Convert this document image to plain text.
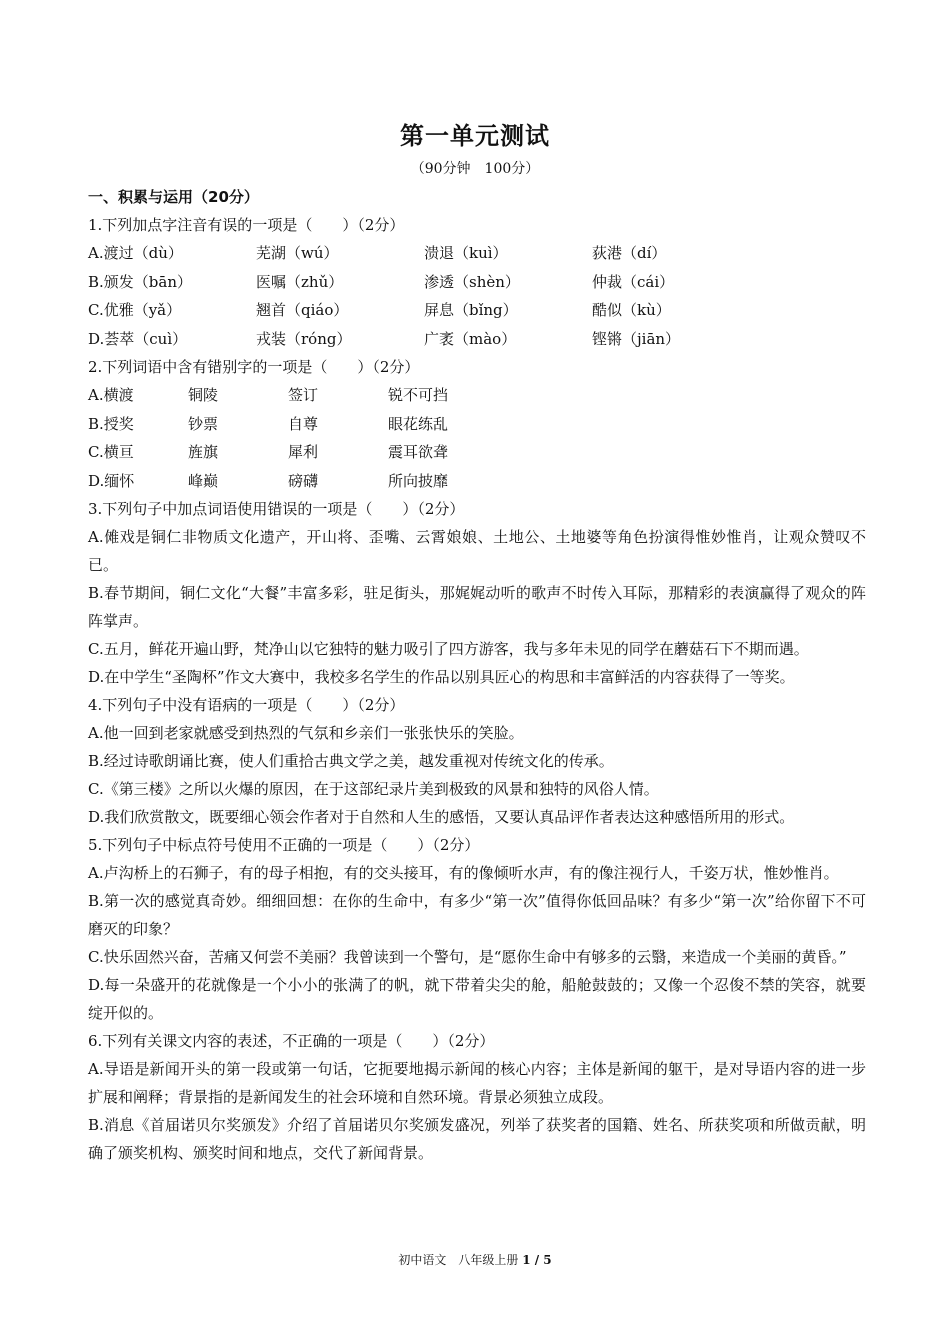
第一单元测试
（90分钟　100分）
一、积累与运用（20分）
1.下列加点字注音有误的一项是（　　）（2分）
A.渡过（dù）	芜湖（wú）	溃退（kuì）	荻港（dí）
B.颁发（bān）	医嘱（zhǔ）	渗透（shèn）	仲裁（cái）
C.优雅（yǎ）	翘首（qiáo）	屏息（bǐng）	酷似（kù）
D.荟萃（cuì）	戎装（róng）	广袤（mào）	铿锵（jiān）
2.下列词语中含有错别字的一项是（　　）（2分）
A.横渡	铜陵	签订	锐不可挡
B.授奖	钞票	自尊	眼花练乱
C.横亘	旌旗	犀利	震耳欲聋
D.缅怀	峰巅	磅礴	所向披靡
3.下列句子中加点词语使用错误的一项是（　　）（2分）

A.傩戏是铜仁非物质文化遗产，开山将、歪嘴、云霄娘娘、土地公、土地婆等角色扮演得惟妙惟肖，让观众赞叹不已。

B.春节期间，铜仁文化“大餐”丰富多彩，驻足街头，那娓娓动听的歌声不时传入耳际，那精彩的表演赢得了观众的阵阵掌声。

C.五月，鲜花开遍山野，梵净山以它独特的魅力吸引了四方游客，我与多年未见的同学在蘑菇石下不期而遇。

D.在中学生“圣陶杯”作文大赛中，我校多名学生的作品以别具匠心的构思和丰富鲜活的内容获得了一等奖。

4.下列句子中没有语病的一项是（　　）（2分）

A.他一回到老家就感受到热烈的气氛和乡亲们一张张快乐的笑脸。

B.经过诗歌朗诵比赛，使人们重拾古典文学之美，越发重视对传统文化的传承。

C.《第三楼》之所以火爆的原因，在于这部纪录片美到极致的风景和独特的风俗人情。

D.我们欣赏散文，既要细心领会作者对于自然和人生的感悟，又要认真品评作者表达这种感悟所用的形式。

5.下列句子中标点符号使用不正确的一项是（　　）（2分）

A.卢沟桥上的石狮子，有的母子相抱，有的交头接耳，有的像倾听水声，有的像注视行人，千姿万状，惟妙惟肖。

B.第一次的感觉真奇妙。细细回想：在你的生命中，有多少“第一次”值得你低回品味？有多少“第一次”给你留下不可磨灭的印象？

C.快乐固然兴奋，苦痛又何尝不美丽？我曾读到一个警句，是“愿你生命中有够多的云翳，来造成一个美丽的黄昏。”

D.每一朵盛开的花就像是一个小小的张满了的帆，就下带着尖尖的舱，船舱鼓鼓的；又像一个忍俊不禁的笑容，就要绽开似的。

6.下列有关课文内容的表述，不正确的一项是（　　）（2分）

A.导语是新闻开头的第一段或第一句话，它扼要地揭示新闻的核心内容；主体是新闻的躯干，是对导语内容的进一步扩展和阐释；背景指的是新闻发生的社会环境和自然环境。背景必须独立成段。

B.消息《首届诺贝尔奖颁发》介绍了首届诺贝尔奖颁发盛况，列举了获奖者的国籍、姓名、所获奖项和所做贡献，明确了颁奖机构、颁奖时间和地点，交代了新闻背景。

初中语文　八年级上册 1 / 5
